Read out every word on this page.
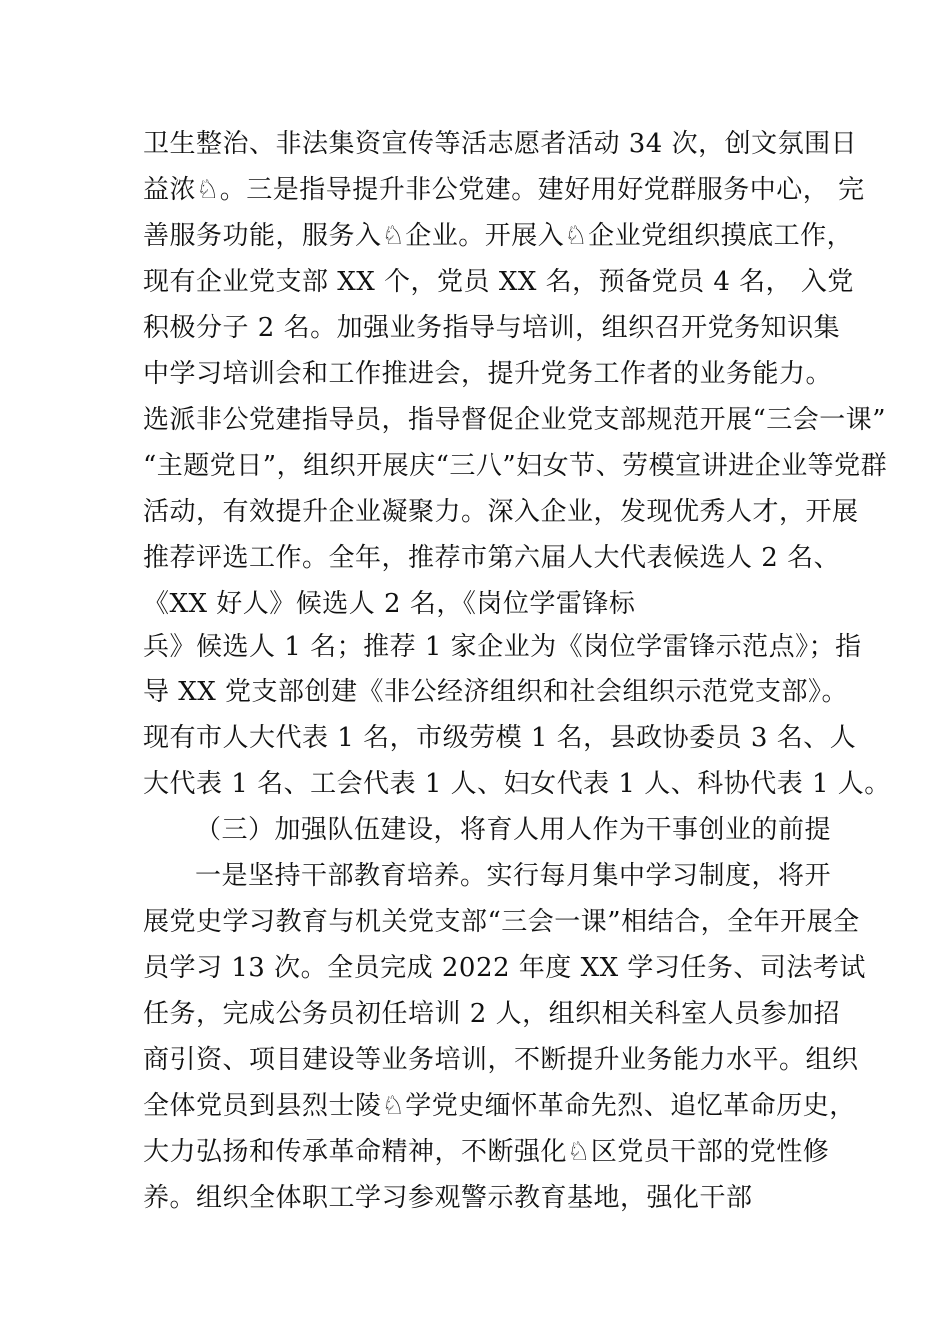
卫生整治、非法集资宣传等活志愿者活动 34 次，创文氛围日
益浓♘。三是指导提升非公党建。建好用好党群服务中心， 完
善服务功能，服务入♘企业。开展入♘企业党组织摸底工作，
现有企业党支部 XX 个，党员 XX 名，预备党员 4 名， 入党
积极分子 2 名。加强业务指导与培训，组织召开党务知识集
中学习培训会和工作推进会，提升党务工作者的业务能力。
选派非公党建指导员，指导督促企业党支部规范开展“三会一课”
“主题党日”，组织开展庆“三八”妇女节、劳模宣讲进企业等党群
活动，有效提升企业凝聚力。深入企业，发现优秀人才，开展
推荐评选工作。全年，推荐市第六届人大代表候选人 2 名、
《XX 好人》候选人 2 名，《岗位学雷锋标
兵》候选人 1 名；推荐 1 家企业为《岗位学雷锋示范点》；指
导 XX 党支部创建《非公经济组织和社会组织示范党支部》。
现有市人大代表 1 名，市级劳模 1 名，县政协委员 3 名、人
大代表 1 名、工会代表 1 人、妇女代表 1 人、科协代表 1 人。
（三）加强队伍建设，将育人用人作为干事创业的前提
一是坚持干部教育培养。实行每月集中学习制度，将开
展党史学习教育与机关党支部“三会一课”相结合，全年开展全
员学习 13 次。全员完成 2022 年度 XX 学习任务、司法考试
任务，完成公务员初任培训 2 人，组织相关科室人员参加招
商引资、项目建设等业务培训，不断提升业务能力水平。组织
全体党员到县烈士陵♘学党史缅怀革命先烈、追忆革命历史，
大力弘扬和传承革命精神，不断强化♘区党员干部的党性修
养。组织全体职工学习参观警示教育基地，强化干部
